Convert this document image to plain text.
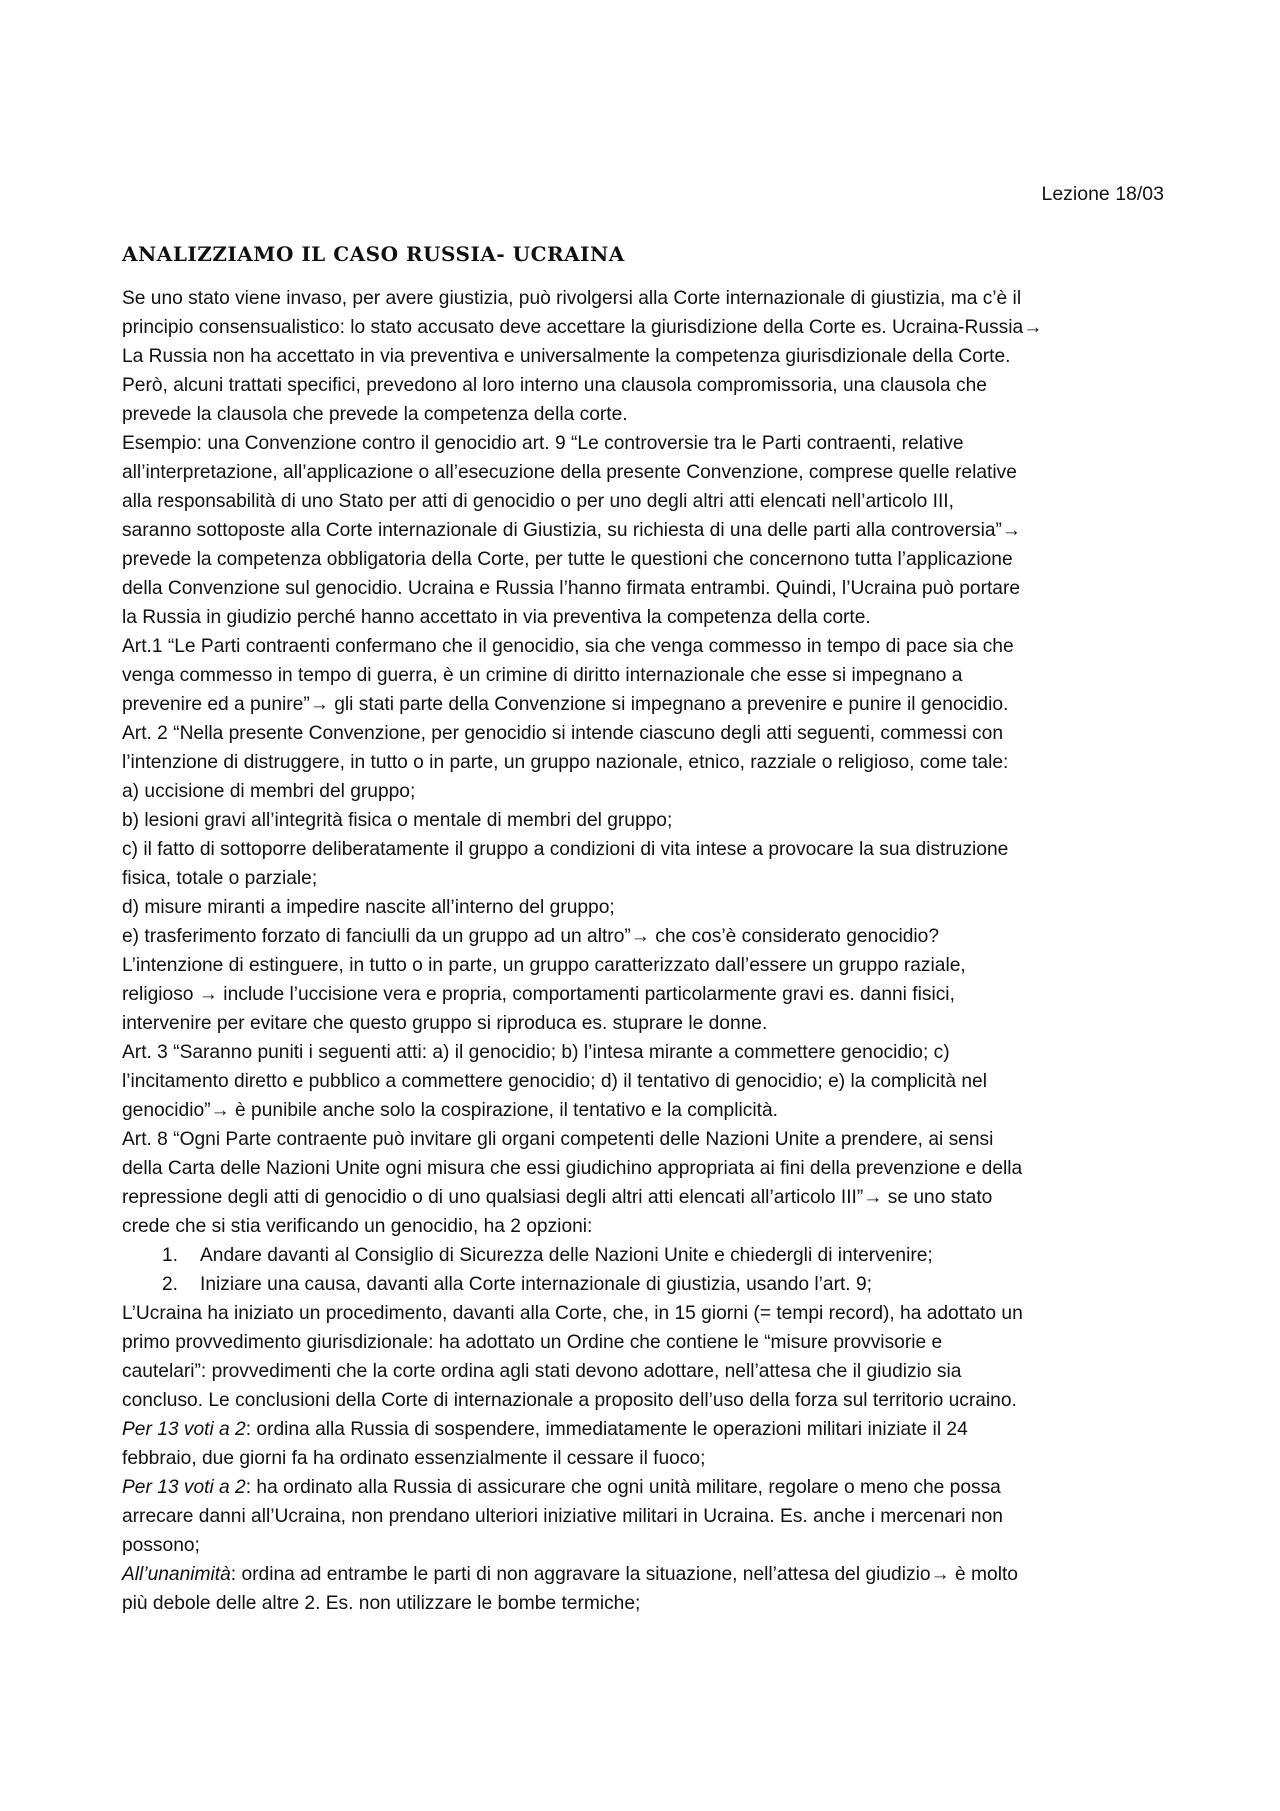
Lezione 18/03
ANALIZZIAMO IL CASO RUSSIA- UCRAINA
Se uno stato viene invaso, per avere giustizia, può rivolgersi alla Corte internazionale di giustizia, ma c’è il
principio consensualistico: lo stato accusato deve accettare la giurisdizione della Corte es. Ucraina-Russia→
La Russia non ha accettato in via preventiva e universalmente la competenza giurisdizionale della Corte.
Però, alcuni trattati specifici, prevedono al loro interno una clausola compromissoria, una clausola che
prevede la clausola che prevede la competenza della corte.
Esempio: una Convenzione contro il genocidio art. 9 “Le controversie tra le Parti contraenti, relative
all’interpretazione, all’applicazione o all’esecuzione della presente Convenzione, comprese quelle relative
alla responsabilità di uno Stato per atti di genocidio o per uno degli altri atti elencati nell’articolo III,
saranno sottoposte alla Corte internazionale di Giustizia, su richiesta di una delle parti alla controversia”→
prevede la competenza obbligatoria della Corte, per tutte le questioni che concernono tutta l’applicazione
della Convenzione sul genocidio. Ucraina e Russia l’hanno firmata entrambi. Quindi, l’Ucraina può portare
la Russia in giudizio perché hanno accettato in via preventiva la competenza della corte.
Art.1 “Le Parti contraenti confermano che il genocidio, sia che venga commesso in tempo di pace sia che
venga commesso in tempo di guerra, è un crimine di diritto internazionale che esse si impegnano a
prevenire ed a punire”→ gli stati parte della Convenzione si impegnano a prevenire e punire il genocidio.
Art. 2 “Nella presente Convenzione, per genocidio si intende ciascuno degli atti seguenti, commessi con
l’intenzione di distruggere, in tutto o in parte, un gruppo nazionale, etnico, razziale o religioso, come tale:
a) uccisione di membri del gruppo;
b) lesioni gravi all’integrità fisica o mentale di membri del gruppo;
c) il fatto di sottoporre deliberatamente il gruppo a condizioni di vita intese a provocare la sua distruzione
fisica, totale o parziale;
d) misure miranti a impedire nascite all’interno del gruppo;
e) trasferimento forzato di fanciulli da un gruppo ad un altro”→ che cos’è considerato genocidio?
L’intenzione di estinguere, in tutto o in parte, un gruppo caratterizzato dall’essere un gruppo raziale,
religioso → include l’uccisione vera e propria, comportamenti particolarmente gravi es. danni fisici,
intervenire per evitare che questo gruppo si riproduca es. stuprare le donne.
Art. 3 “Saranno puniti i seguenti atti: a) il genocidio; b) l’intesa mirante a commettere genocidio; c)
l’incitamento diretto e pubblico a commettere genocidio; d) il tentativo di genocidio; e) la complicità nel
genocidio”→ è punibile anche solo la cospirazione, il tentativo e la complicità.
Art. 8 “Ogni Parte contraente può invitare gli organi competenti delle Nazioni Unite a prendere, ai sensi
della Carta delle Nazioni Unite ogni misura che essi giudichino appropriata ai fini della prevenzione e della
repressione degli atti di genocidio o di uno qualsiasi degli altri atti elencati all’articolo III”→ se uno stato
crede che si stia verificando un genocidio, ha 2 opzioni:
1. Andare davanti al Consiglio di Sicurezza delle Nazioni Unite e chiedergli di intervenire;
2. Iniziare una causa, davanti alla Corte internazionale di giustizia, usando l’art. 9;
L’Ucraina ha iniziato un procedimento, davanti alla Corte, che, in 15 giorni (= tempi record), ha adottato un
primo provvedimento giurisdizionale: ha adottato un Ordine che contiene le “misure provvisorie e
cautelari”: provvedimenti che la corte ordina agli stati devono adottare, nell’attesa che il giudizio sia
concluso. Le conclusioni della Corte di internazionale a proposito dell’uso della forza sul territorio ucraino.
Per 13 voti a 2: ordina alla Russia di sospendere, immediatamente le operazioni militari iniziate il 24
febbraio, due giorni fa ha ordinato essenzialmente il cessare il fuoco;
Per 13 voti a 2: ha ordinato alla Russia di assicurare che ogni unità militare, regolare o meno che possa
arrecare danni all’Ucraina, non prendano ulteriori iniziative militari in Ucraina. Es. anche i mercenari non
possono;
All’unanimità: ordina ad entrambe le parti di non aggravare la situazione, nell’attesa del giudizio→ è molto
più debole delle altre 2. Es. non utilizzare le bombe termiche;
